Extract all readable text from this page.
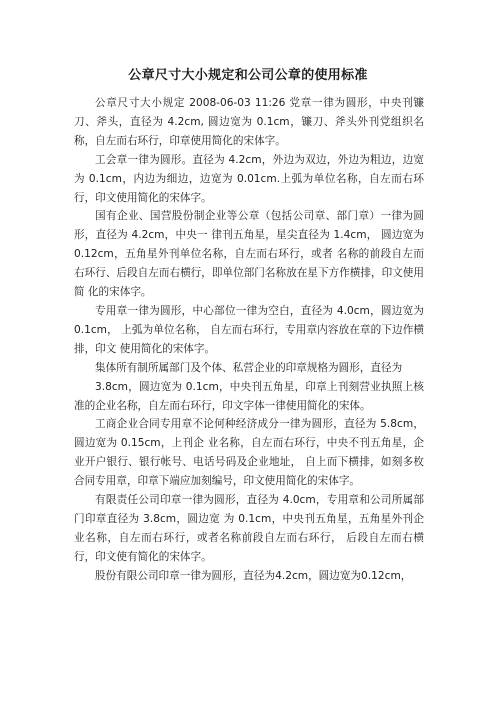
公章尺寸大小规定和公司公章的使用标准

公章尺寸大小规定 2008-06-03 11:26 党章一律为圆形，中央刊镰刀、斧头，直径为 4.2cm, 圆边宽为 0.1cm，镰刀、斧头外刊党组织名称，自左而右环行，印章使用简化的宋体字。

工会章一律为圆形。直径为 4.2cm，外边为双边，外边为粗边，边宽为 0.1cm，内边为细边，边宽为 0.01cm.上弧为单位名称，自左而右环行，印文使用简化的宋体字。

国有企业、国营股份制企业等公章（包括公司章、部门章）一律为圆形，直径为 4.2cm，中央一 律刊五角星，星尖直径为 1.4cm， 圆边宽为 0.12cm，五角星外刊单位名称，自左而右环行，或者 名称的前段自左而右环行、后段自左而右横行，即单位部门名称放在星下方作横排，印文使用简 化的宋体字。

专用章一律为圆形，中心部位一律为空白，直径为 4.0cm，圆边宽为 0.1cm， 上弧为单位名称， 自左而右环行，专用章内容放在章的下边作横排，印文 使用简化的宋体字。

集体所有制所属部门及个体、私营企业的印章规格为圆形，直径为

3.8cm，圆边宽为 0.1cm，中央刊五角星，印章上刊刻营业执照上核准的企业名称，自左而右环行，印文字体一律使用简化的宋体。

工商企业合同专用章不论何种经济成分一律为圆形，直径为 5.8cm，圆边宽为 0.15cm，上刊企 业名称，自左而右环行，中央不刊五角星，企业开户银行、银行帐号、电话号码及企业地址， 自上而下横排，如刻多枚合同专用章，印章下端应加刻编号，印文使用简化的宋体字。

有限责任公司印章一律为圆形，直径为 4.0cm，专用章和公司所属部门印章直径为 3.8cm，圆边宽 为 0.1cm，中央刊五角星，五角星外刊企业名称，自左而右环行，或者名称前段自左而右环行， 后段自左而右横行，印文使有简化的宋体字。

股份有限公司印章一律为圆形，直径为4.2cm，圆边宽为0.12cm，
